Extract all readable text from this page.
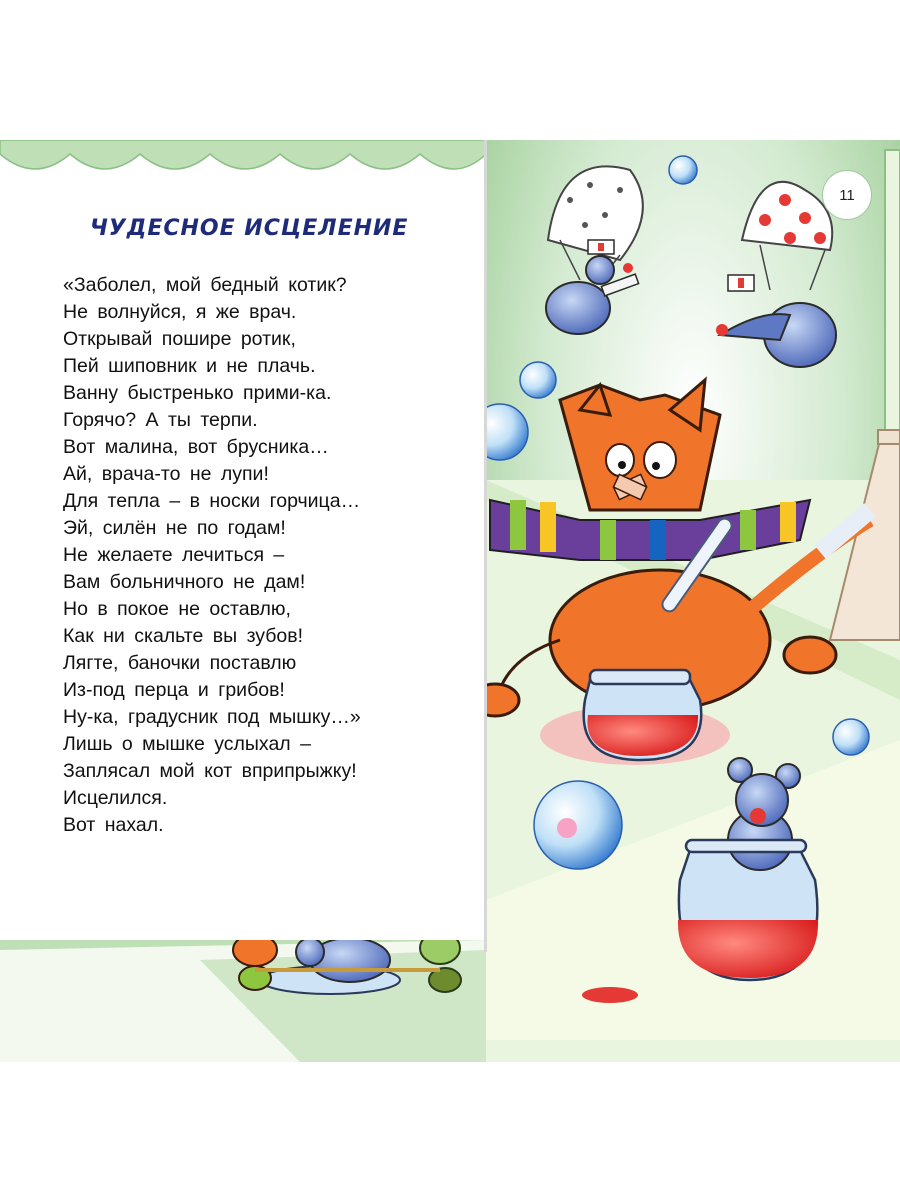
ЧУДЕСНОЕ ИСЦЕЛЕНИЕ
«Заболел, мой бедный котик?
Не волнуйся, я же врач.
Открывай пошире ротик,
Пей шиповник и не плачь.
Ванну быстренько прими-ка.
Горячо? А ты терпи.
Вот малина, вот брусника…
Ай, врача-то не лупи!
Для тепла – в носки горчица…
Эй, силён не по годам!
Не желаете лечиться –
Вам больничного не дам!
Но в покое не оставлю,
Как ни скальте вы зубов!
Лягте, баночки поставлю
Из-под перца и грибов!
Ну-ка, градусник под мышку…»
Лишь о мышке услыхал –
Заплясал мой кот вприпрыжку!
Исцелился.
Вот нахал.
11
